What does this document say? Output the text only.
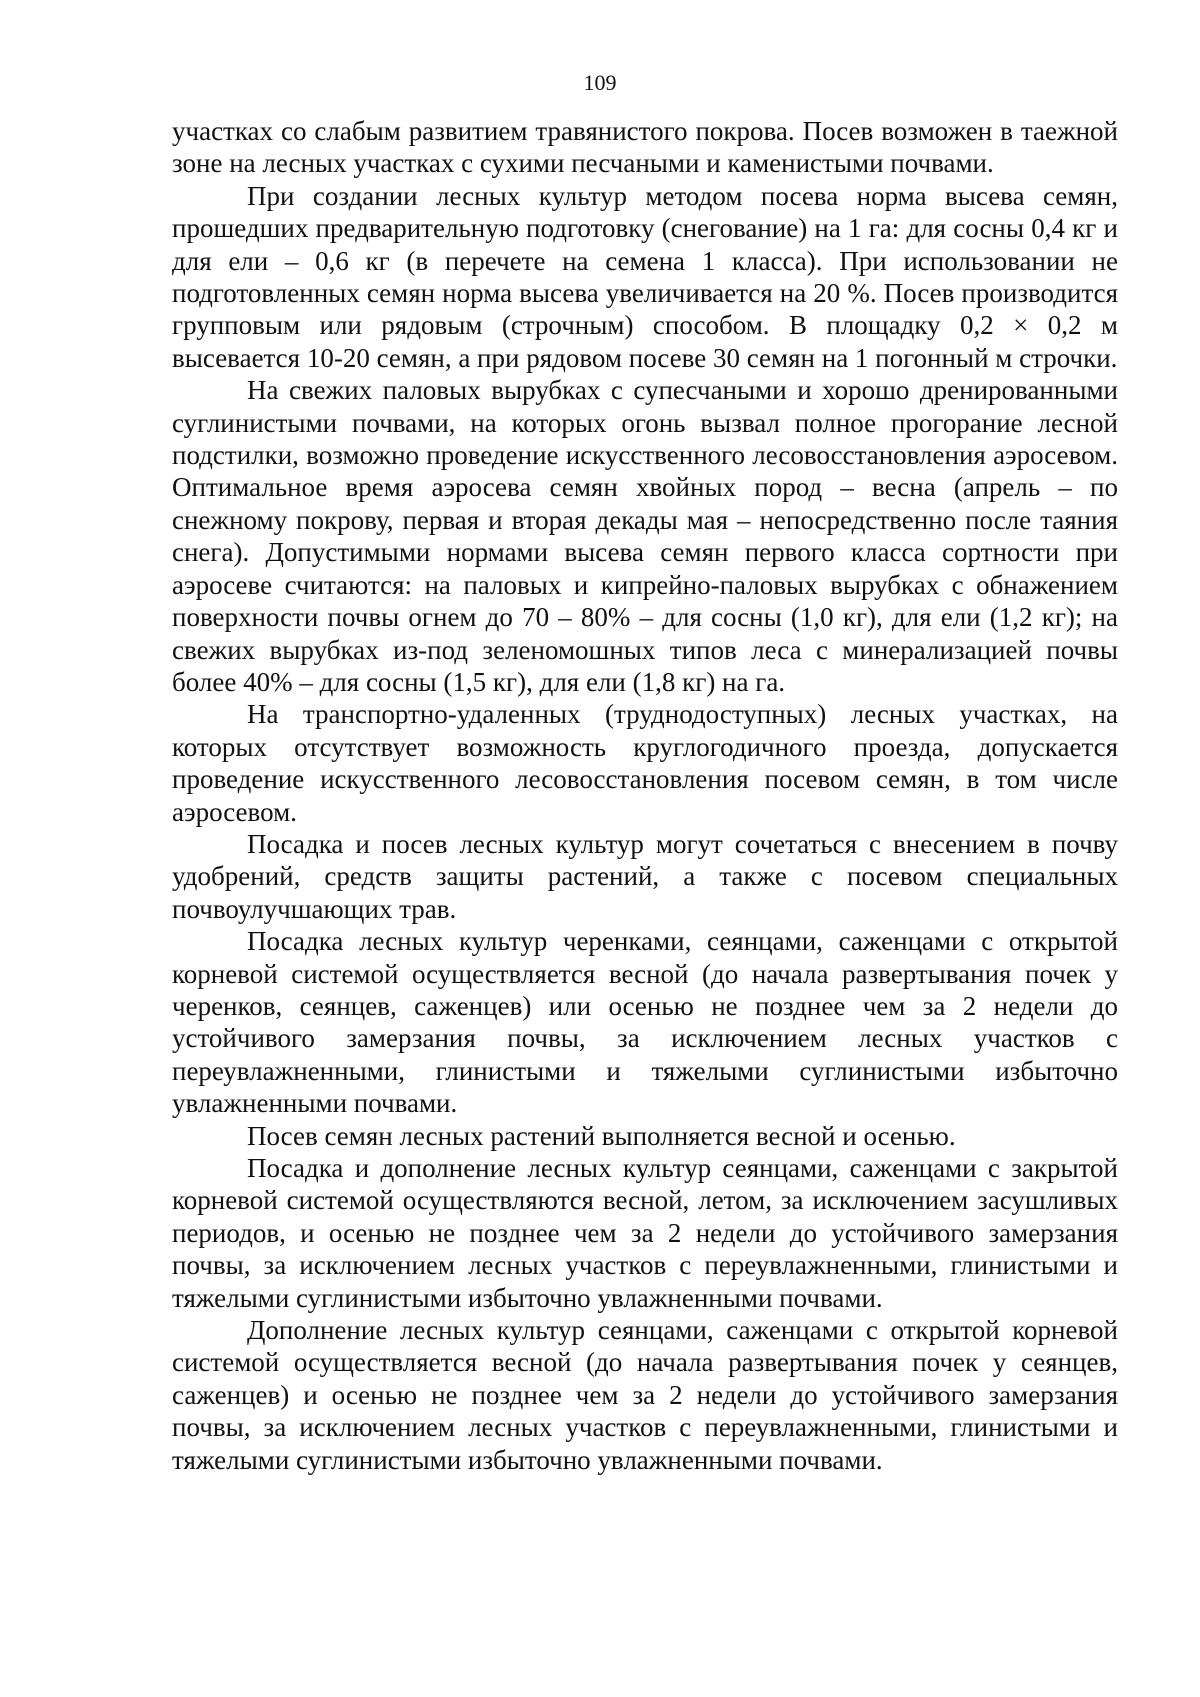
109

участках со слабым развитием травянистого покрова. Посев возможен в таежной зоне на лесных участках с сухими песчаными и каменистыми почвами.

При создании лесных культур методом посева норма высева семян, прошедших предварительную подготовку (снегование) на 1 га: для сосны 0,4 кг и для ели – 0,6 кг (в перечете на семена 1 класса). При использовании не подготовленных семян норма высева увеличивается на 20 %. Посев производится групповым или рядовым (строчным) способом. В площадку 0,2 × 0,2 м высевается 10-20 семян, а при рядовом посеве 30 семян на 1 погонный м строчки.

На свежих паловых вырубках с супесчаными и хорошо дренированными суглинистыми почвами, на которых огонь вызвал полное прогорание лесной подстилки, возможно проведение искусственного лесовосстановления аэросевом. Оптимальное время аэросева семян хвойных пород – весна (апрель – по снежному покрову, первая и вторая декады мая – непосредственно после таяния снега). Допустимыми нормами высева семян первого класса сортности при аэросеве считаются: на паловых и кипрейно-паловых вырубках с обнажением поверхности почвы огнем до 70 – 80% – для сосны (1,0 кг), для ели (1,2 кг); на свежих вырубках из-под зеленомошных типов леса с минерализацией почвы более 40% – для сосны (1,5 кг), для ели (1,8 кг) на га.

На транспортно-удаленных (труднодоступных) лесных участках, на которых отсутствует возможность круглогодичного проезда, допускается проведение искусственного лесовосстановления посевом семян, в том числе аэросевом.

Посадка и посев лесных культур могут сочетаться с внесением в почву удобрений, средств защиты растений, а также с посевом специальных почвоулучшающих трав.

Посадка лесных культур черенками, сеянцами, саженцами с открытой корневой системой осуществляется весной (до начала развертывания почек у черенков, сеянцев, саженцев) или осенью не позднее чем за 2 недели до устойчивого замерзания почвы, за исключением лесных участков с переувлажненными, глинистыми и тяжелыми суглинистыми избыточно увлажненными почвами.

Посев семян лесных растений выполняется весной и осенью.

Посадка и дополнение лесных культур сеянцами, саженцами с закрытой корневой системой осуществляются весной, летом, за исключением засушливых периодов, и осенью не позднее чем за 2 недели до устойчивого замерзания почвы, за исключением лесных участков с переувлажненными, глинистыми и тяжелыми суглинистыми избыточно увлажненными почвами.

Дополнение лесных культур сеянцами, саженцами с открытой корневой системой осуществляется весной (до начала развертывания почек у сеянцев, саженцев) и осенью не позднее чем за 2 недели до устойчивого замерзания почвы, за исключением лесных участков с переувлажненными, глинистыми и тяжелыми суглинистыми избыточно увлажненными почвами.
